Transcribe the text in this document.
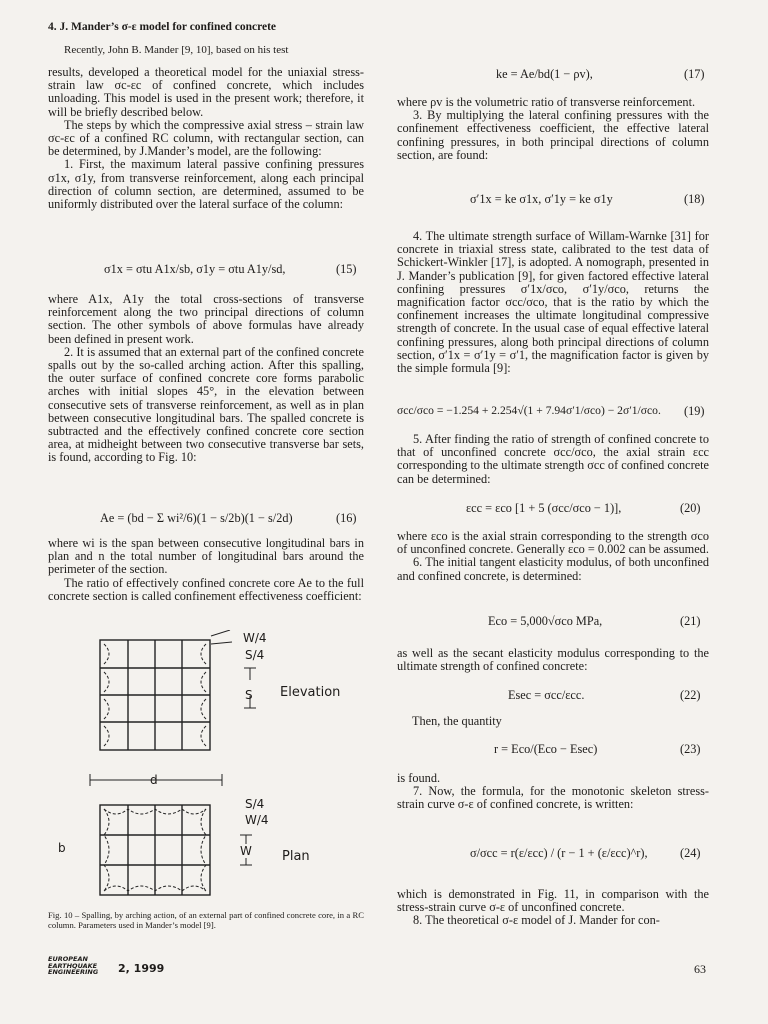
4. J. Mander’s σ-ε model for confined concrete
Recently, John B. Mander [9, 10], based on his test

results, developed a theoretical model for the uniaxial stress-strain law σc-εc of confined concrete, which includes unloading. This model is used in the present work; therefore, it will be briefly described below.

The steps by which the compressive axial stress – strain law σc-εc of a confined RC column, with rectangular section, can be determined, by J.Mander’s model, are the following:

1. First, the maximum lateral passive confining pressures σ1x, σ1y, from transverse reinforcement, along each principal direction of column section, are determined, assumed to be uniformly distributed over the lateral surface of the column:

σ1x = σtu A1x/sb, σ1y = σtu A1y/sd,	(15)

where A1x, A1y the total cross-sections of transverse reinforcement along the two principal directions of column section. The other symbols of above formulas have already been defined in present work.

2. It is assumed that an external part of the confined concrete spalls out by the so-called arching action. After this spalling, the outer surface of confined concrete core forms parabolic arches with initial slopes 45°, in the elevation between consecutive sets of transverse reinforcement, as well as in plan between consecutive longitudinal bars. The spalled concrete is subtracted and the effectively confined concrete core section area, at midheight between two consecutive transverse bar sets, is found, according to Fig. 10:

Ae = (bd − Σ wi²/6)(1 − s/2b)(1 − s/2d)	(16)

where wi is the span between consecutive longitudinal bars in plan and n the total number of longitudinal bars around the perimeter of the section.

The ratio of effectively confined concrete core Ae to the full concrete section is called confinement effectiveness coefficient:

W/4
S/4
S Elevation
d
S/4
W/4
b	W Plan
Fig. 10 – Spalling, by arching action, of an external part of confined concrete core, in a RC column. Parameters used in Mander’s model [9].
ke = Ae/bd(1 − ρv),	(17)

where ρv is the volumetric ratio of transverse reinforcement.

3. By multiplying the lateral confining pressures with the confinement effectiveness coefficient, the effective lateral confining pressures, in both principal directions of column section, are found:

σ′1x = ke σ1x, σ′1y = ke σ1y	(18)

4. The ultimate strength surface of Willam-Warnke [31] for concrete in triaxial stress state, calibrated to the test data of Schickert-Winkler [17], is adopted. A nomograph, presented in J. Mander’s publication [9], for given factored effective lateral confining pressures σ′1x/σco, σ′1y/σco, returns the magnification factor σcc/σco, that is the ratio by which the confinement increases the ultimate longitudinal compressive strength of concrete. In the usual case of equal effective lateral confining pressures, along both principal directions of column section, σ′1x = σ′1y = σ′1, the magnification factor is given by the simple formula [9]:

σcc/σco = −1.254 + 2.254√(1 + 7.94σ′1/σco) − 2σ′1/σco. (19)

5. After finding the ratio of strength of confined concrete to that of unconfined concrete σcc/σco, the axial strain εcc corresponding to the ultimate strength σcc of confined concrete can be determined:

εcc = εco [1 + 5 (σcc/σco − 1)],	(20)

where εco is the axial strain corresponding to the strength σco of unconfined concrete. Generally εco = 0.002 can be assumed.

6. The initial tangent elasticity modulus, of both unconfined and confined concrete, is determined:

Eco = 5,000√σco MPa,	(21)

as well as the secant elasticity modulus corresponding to the ultimate strength of confined concrete:

Esec = σcc/εcc.	(22)
Then, the quantity
r = Eco/(Eco − Esec)	(23)

is found.

7. Now, the formula, for the monotonic skeleton stress-strain curve σ-ε of confined concrete, is written:

σ/σcc = r(ε/εcc) / (r − 1 + (ε/εcc)^r),	(24)

which is demonstrated in Fig. 11, in comparison with the stress-strain curve σ-ε of unconfined concrete.

8. The theoretical σ-ε model of J. Mander for con-

EUROPEAN
EARTHQUAKE
ENGINEERING 2, 1999	63
